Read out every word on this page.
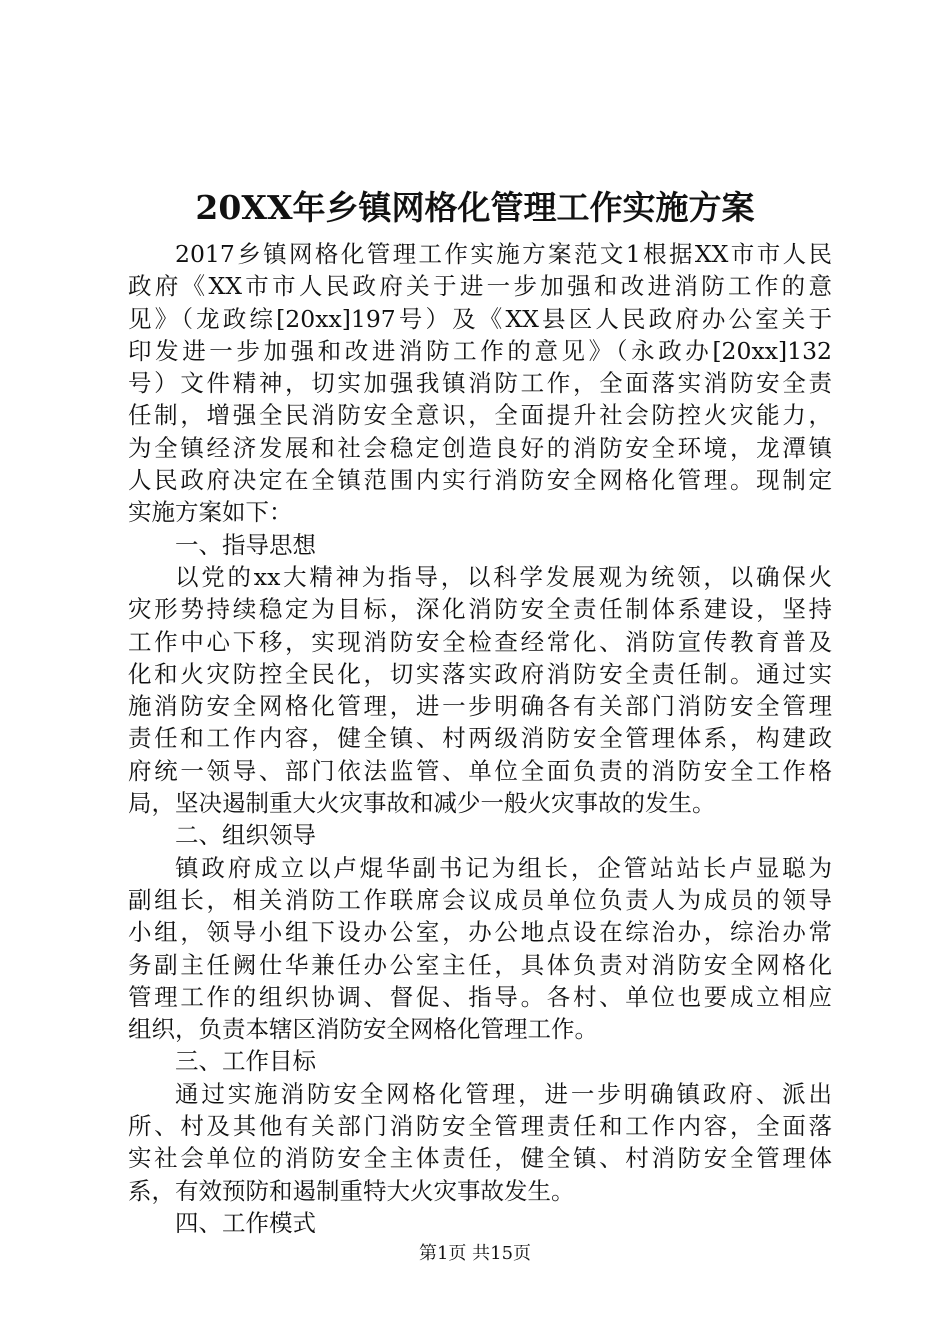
20XX年乡镇网格化管理工作实施方案
2017乡镇网格化管理工作实施方案范文1根据XX市市人民
政府《XX市市人民政府关于进一步加强和改进消防工作的意
见》（龙政综[20xx]197号）及《XX县区人民政府办公室关于
印发进一步加强和改进消防工作的意见》（永政办[20xx]132
号）文件精神，切实加强我镇消防工作，全面落实消防安全责
任制，增强全民消防安全意识，全面提升社会防控火灾能力，
为全镇经济发展和社会稳定创造良好的消防安全环境，龙潭镇
人民政府决定在全镇范围内实行消防安全网格化管理。现制定
实施方案如下：
一、指导思想
以党的xx大精神为指导，以科学发展观为统领，以确保火
灾形势持续稳定为目标，深化消防安全责任制体系建设，坚持
工作中心下移，实现消防安全检查经常化、消防宣传教育普及
化和火灾防控全民化，切实落实政府消防安全责任制。通过实
施消防安全网格化管理，进一步明确各有关部门消防安全管理
责任和工作内容，健全镇、村两级消防安全管理体系，构建政
府统一领导、部门依法监管、单位全面负责的消防安全工作格
局，坚决遏制重大火灾事故和减少一般火灾事故的发生。
二、组织领导
镇政府成立以卢焜华副书记为组长，企管站站长卢显聪为
副组长，相关消防工作联席会议成员单位负责人为成员的领导
小组，领导小组下设办公室，办公地点设在综治办，综治办常
务副主任阙仕华兼任办公室主任，具体负责对消防安全网格化
管理工作的组织协调、督促、指导。各村、单位也要成立相应
组织，负责本辖区消防安全网格化管理工作。
三、工作目标
通过实施消防安全网格化管理，进一步明确镇政府、派出
所、村及其他有关部门消防安全管理责任和工作内容，全面落
实社会单位的消防安全主体责任，健全镇、村消防安全管理体
系，有效预防和遏制重特大火灾事故发生。
四、工作模式
第1页 共15页
